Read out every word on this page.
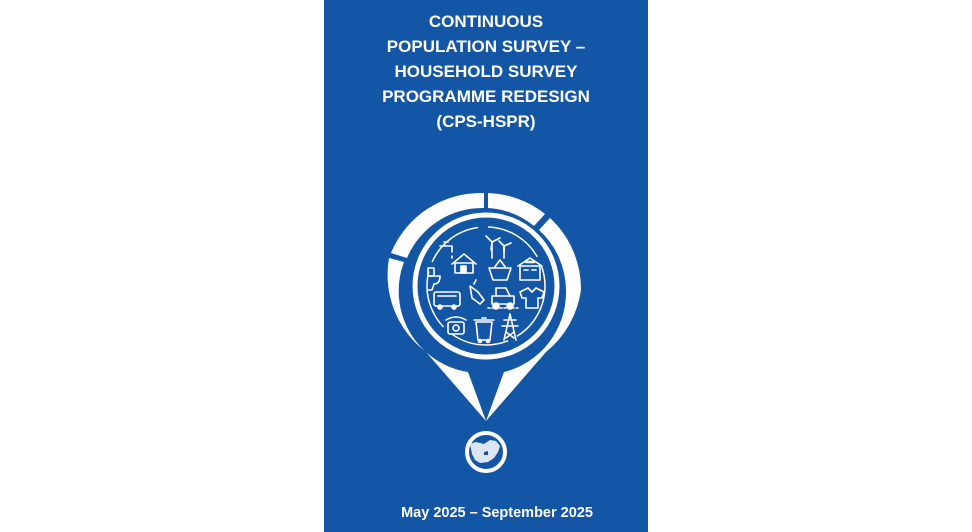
CONTINUOUS
POPULATION SURVEY –
HOUSEHOLD SURVEY
PROGRAMME REDESIGN
(CPS-HSPR)
May 2025 – September 2025
